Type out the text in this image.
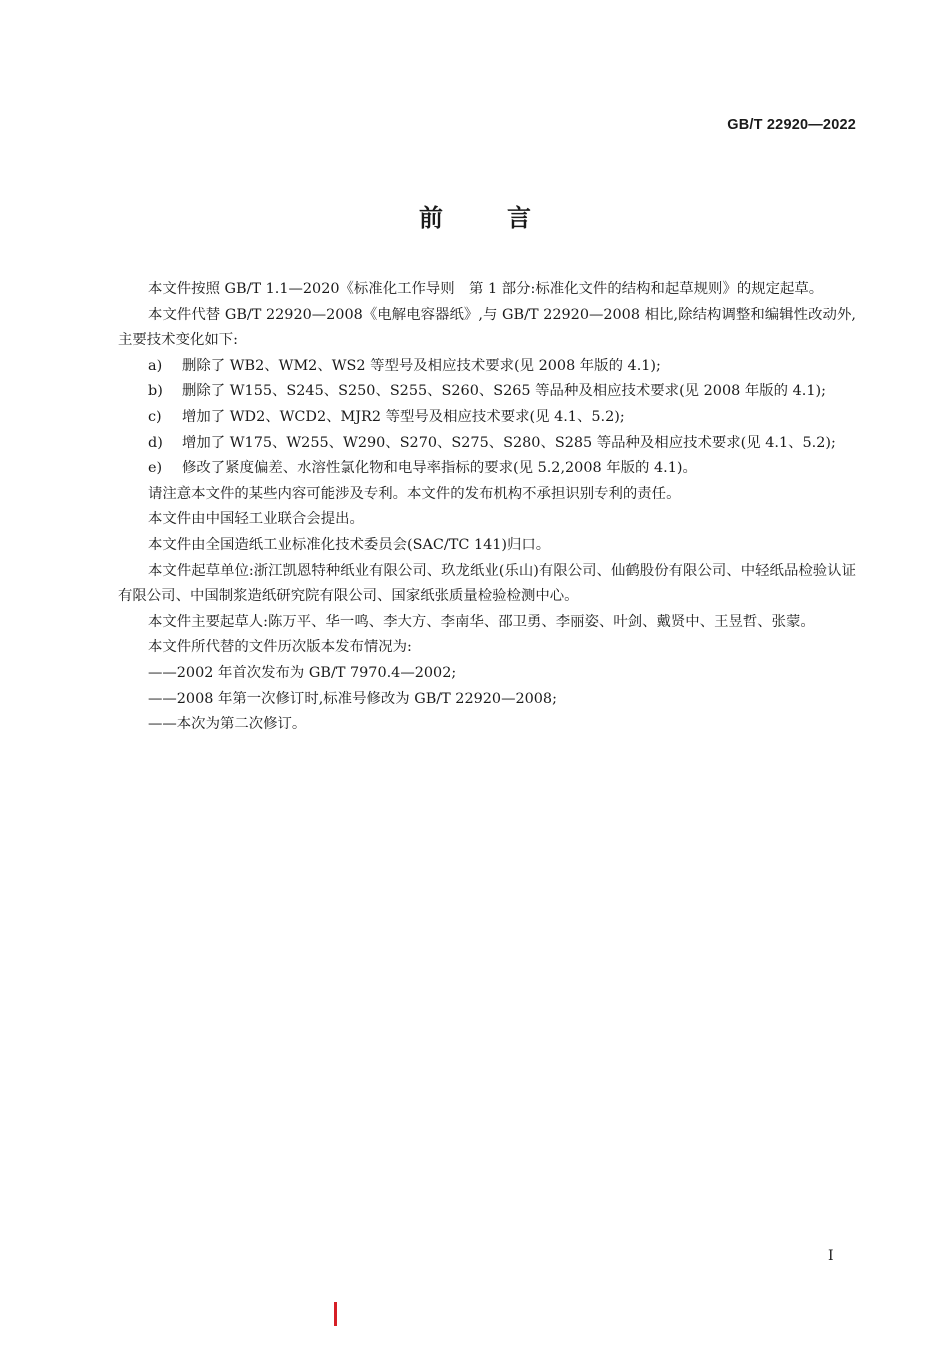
GB/T 22920—2022
前	言

本文件按照 GB/T 1.1—2020《标准化工作导则　第 1 部分:标准化文件的结构和起草规则》的规定起草。

本文件代替 GB/T 22920—2008《电解电容器纸》,与 GB/T 22920—2008 相比,除结构调整和编辑性改动外,主要技术变化如下:

a)	删除了 WB2、WM2、WS2 等型号及相应技术要求(见 2008 年版的 4.1);
b)	删除了 W155、S245、S250、S255、S260、S265 等品种及相应技术要求(见 2008 年版的 4.1);
c)	增加了 WD2、WCD2、MJR2 等型号及相应技术要求(见 4.1、5.2);
d)	增加了 W175、W255、W290、S270、S275、S280、S285 等品种及相应技术要求(见 4.1、5.2);
e)	修改了紧度偏差、水溶性氯化物和电导率指标的要求(见 5.2,2008 年版的 4.1)。

请注意本文件的某些内容可能涉及专利。本文件的发布机构不承担识别专利的责任。

本文件由中国轻工业联合会提出。

本文件由全国造纸工业标准化技术委员会(SAC/TC 141)归口。

本文件起草单位:浙江凯恩特种纸业有限公司、玖龙纸业(乐山)有限公司、仙鹤股份有限公司、中轻纸品检验认证有限公司、中国制浆造纸研究院有限公司、国家纸张质量检验检测中心。

本文件主要起草人:陈万平、华一鸣、李大方、李南华、邵卫勇、李丽姿、叶剑、戴贤中、王昱哲、张蒙。

本文件所代替的文件历次版本发布情况为:

——2002 年首次发布为 GB/T 7970.4—2002;

——2008 年第一次修订时,标准号修改为 GB/T 22920—2008;

——本次为第二次修订。

I
